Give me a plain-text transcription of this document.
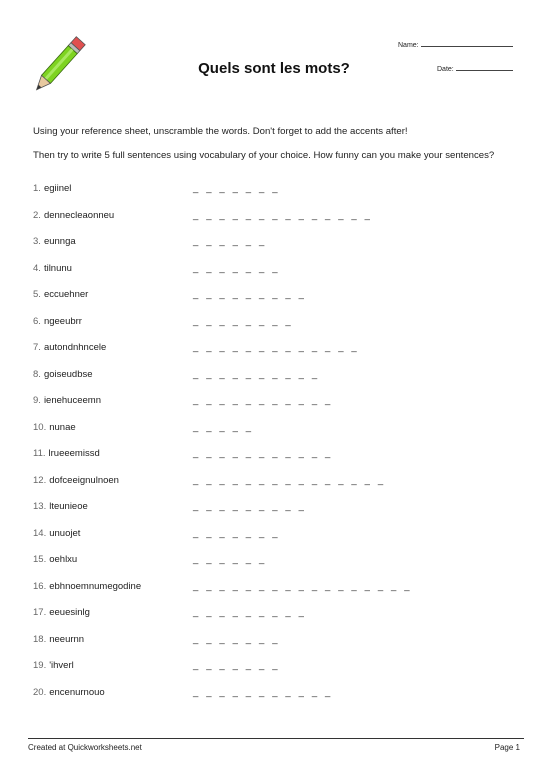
Name:
Date:
Quels sont les mots?
Using your reference sheet, unscramble the words. Don't forget to add the accents after!
Then try to write 5 full sentences using vocabulary of your choice. How funny can you make your sentences?
1. egiinel	_   _   _   _   _   _   _
2. dennecleaonneu	_   _   _   _   _   _   _   _   _   _   _   _   _   _
3. eunnga	_   _   _   _   _   _
4. tilnunu	_   _   _   _   _   _   _
5. eccuehner	_   _   _   _   _   _   _   _   _
6. ngeeubrr	_   _   _   _   _   _   _   _
7. autondnhncele	_   _   _   _   _   _   _   _   _   _   _   _   _
8. goiseudbse	_   _   _   _   _   _   _   _   _   _
9. ienehuceemn	_   _   _   _   _   _   _   _   _   _   _
10. nunae	_   _   _   _   _
11. lrueeemissd	_   _   _   _   _   _   _   _   _   _   _
12. dofceeignulnoen	_   _   _   _   _   _   _   _   _   _   _   _   _   _   _
13. lteunieoe	_   _   _   _   _   _   _   _   _
14. unuojet	_   _   _   _   _   _   _
15. oehlxu	_   _   _   _   _   _
16. ebhnoemnumegodine	_   _   _   _   _   _   _   _   _   _   _   _   _   _   _   _   _
17. eeuesinlg	_   _   _   _   _   _   _   _   _
18. neeurnn	_   _   _   _   _   _   _
19. 'ihverl	_   _   _   _   _   _   _
20. encenurnouo	_   _   _   _   _   _   _   _   _   _   _
Created at Quickworksheets.net	Page 1
